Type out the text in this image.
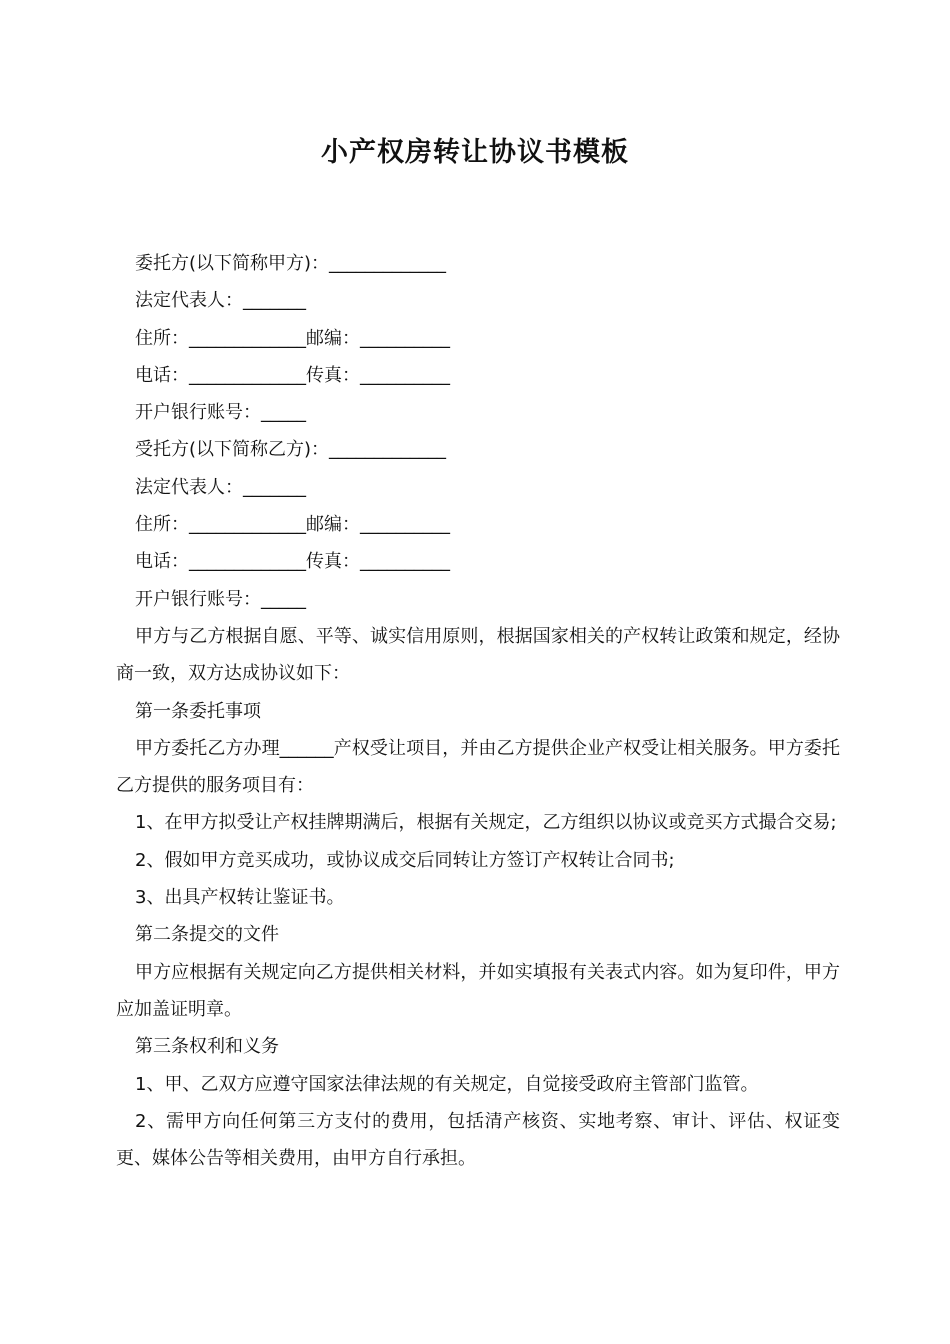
小产权房转让协议书模板
委托方(以下简称甲方)：_____________
法定代表人：_______
住所：_____________邮编：__________
电话：_____________传真：__________
开户银行账号：_____
受托方(以下简称乙方)：_____________
法定代表人：_______
住所：_____________邮编：__________
电话：_____________传真：__________
开户银行账号：_____
甲方与乙方根据自愿、平等、诚实信用原则，根据国家相关的产权转让政策和规定，经协商一致，双方达成协议如下：
第一条委托事项
甲方委托乙方办理______产权受让项目，并由乙方提供企业产权受让相关服务。甲方委托乙方提供的服务项目有：
1、在甲方拟受让产权挂牌期满后，根据有关规定，乙方组织以协议或竞买方式撮合交易;
2、假如甲方竞买成功，或协议成交后同转让方签订产权转让合同书;
3、出具产权转让鉴证书。
第二条提交的文件
甲方应根据有关规定向乙方提供相关材料，并如实填报有关表式内容。如为复印件，甲方应加盖证明章。
第三条权利和义务
1、甲、乙双方应遵守国家法律法规的有关规定，自觉接受政府主管部门监管。
2、需甲方向任何第三方支付的费用，包括清产核资、实地考察、审计、评估、权证变更、媒体公告等相关费用，由甲方自行承担。
